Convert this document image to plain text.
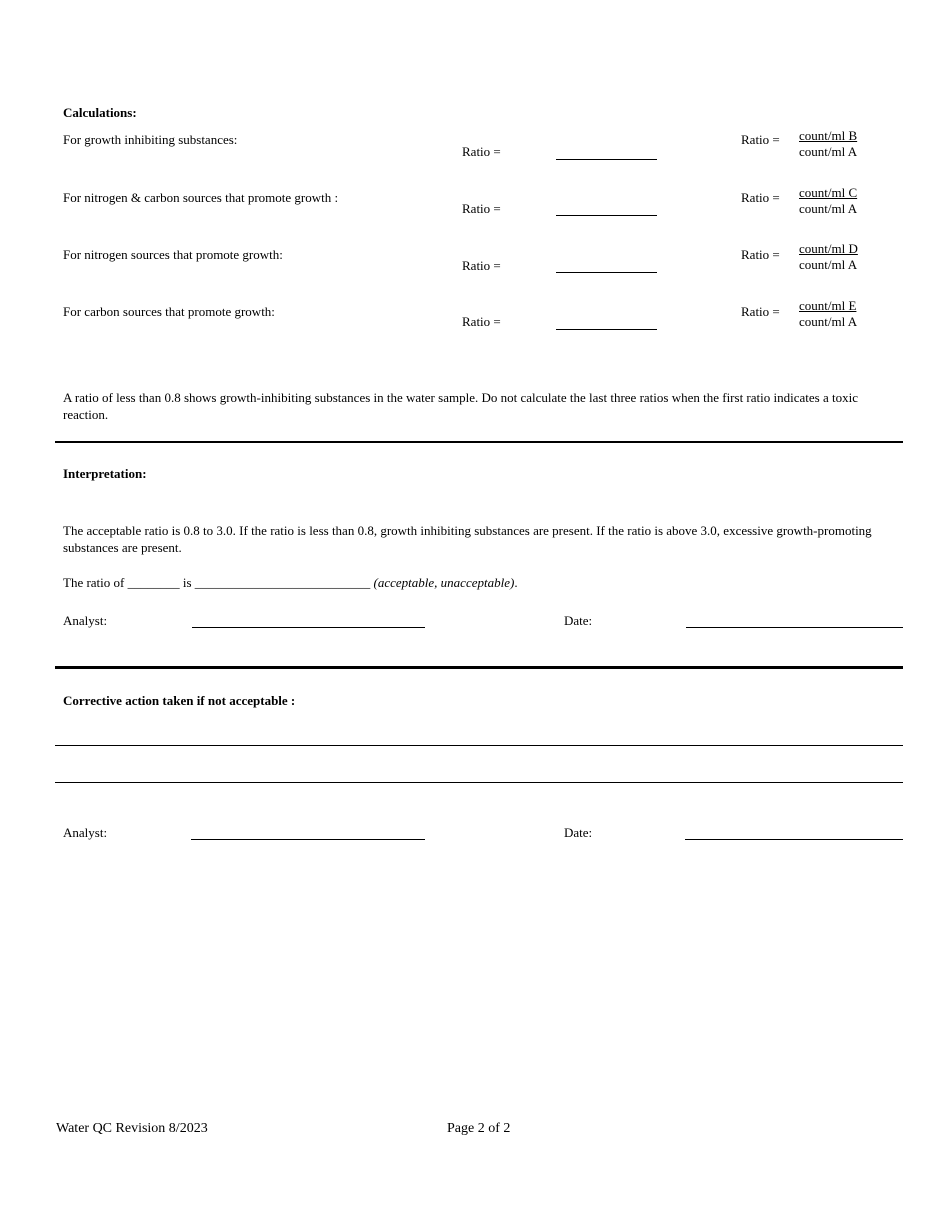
Calculations:
For growth inhibiting substances:
Ratio =
Ratio = count/ml B
count/ml A
For nitrogen & carbon sources that promote growth :
Ratio =
Ratio = count/ml C
count/ml A
For nitrogen sources that promote growth:
Ratio =
Ratio = count/ml D
count/ml A
For carbon sources that promote growth:
Ratio =
Ratio = count/ml E
count/ml A
A ratio of less than 0.8 shows growth-inhibiting substances in the water sample. Do not calculate the last three ratios when the first ratio indicates a toxic reaction.
Interpretation:
The acceptable ratio is 0.8 to 3.0. If the ratio is less than 0.8, growth inhibiting substances are present. If the ratio is above 3.0, excessive growth-promoting substances are present.
The ratio of ________ is ___________________________ (acceptable, unacceptable).
Analyst:	Date:
Corrective action taken if not acceptable :
Analyst:	Date:
Water QC Revision 8/2023	Page 2 of 2
